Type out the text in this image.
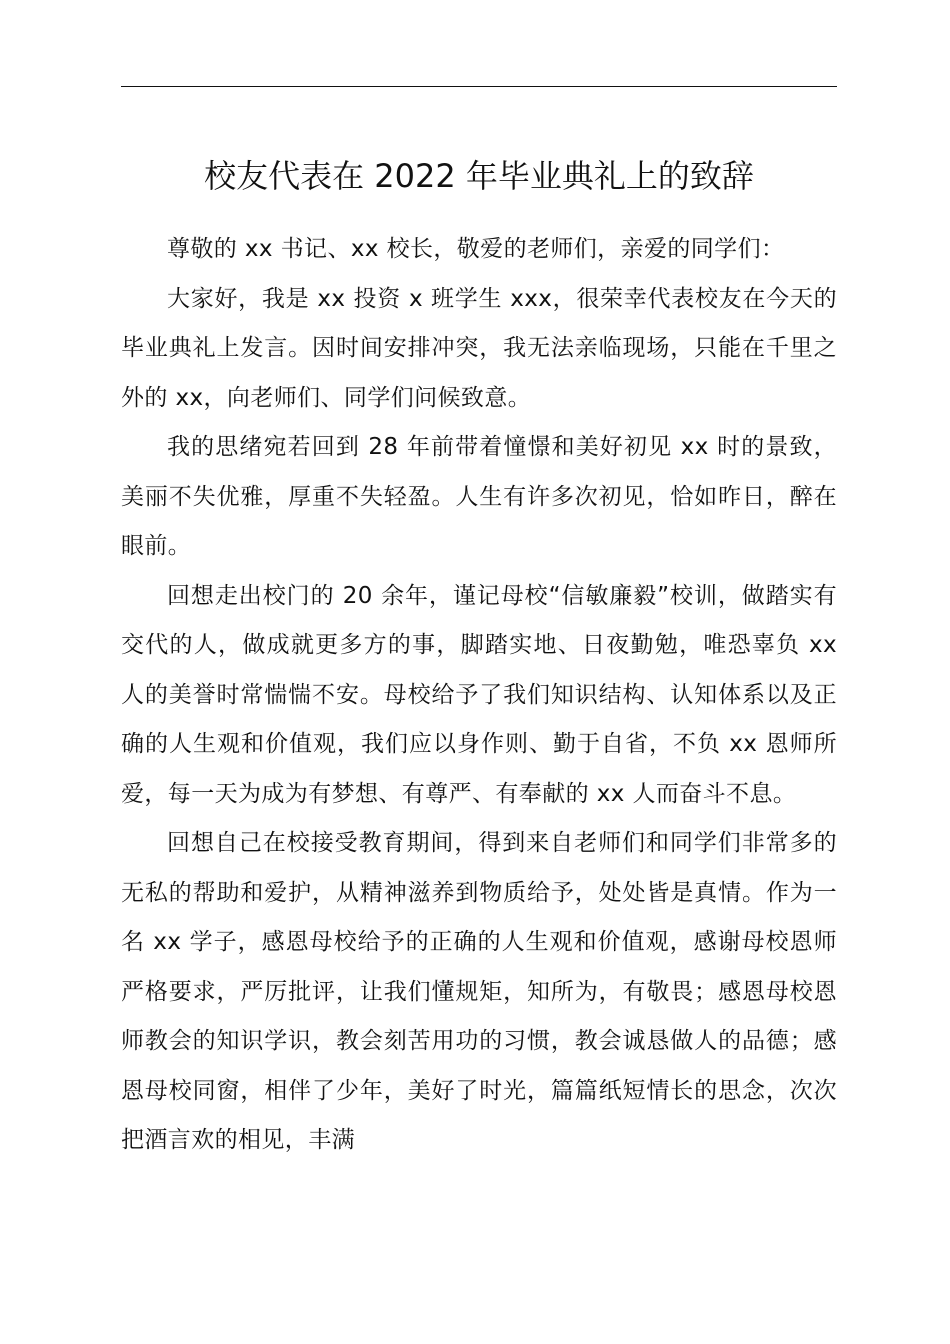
校友代表在 2022 年毕业典礼上的致辞

尊敬的 xx 书记、xx 校长，敬爱的老师们，亲爱的同学们：

大家好，我是 xx 投资 x 班学生 xxx，很荣幸代表校友在今天的毕业典礼上发言。因时间安排冲突，我无法亲临现场，只能在千里之外的 xx，向老师们、同学们问候致意。

我的思绪宛若回到 28 年前带着憧憬和美好初见 xx 时的景致，美丽不失优雅，厚重不失轻盈。人生有许多次初见，恰如昨日，醉在眼前。

回想走出校门的 20 余年，谨记母校“信敏廉毅”校训，做踏实有交代的人，做成就更多方的事，脚踏实地、日夜勤勉，唯恐辜负 xx 人的美誉时常惴惴不安。母校给予了我们知识结构、认知体系以及正确的人生观和价值观，我们应以身作则、勤于自省，不负 xx 恩师所爱，每一天为成为有梦想、有尊严、有奉献的 xx 人而奋斗不息。

回想自己在校接受教育期间，得到来自老师们和同学们非常多的无私的帮助和爱护，从精神滋养到物质给予，处处皆是真情。作为一名 xx 学子，感恩母校给予的正确的人生观和价值观，感谢母校恩师严格要求，严厉批评，让我们懂规矩，知所为，有敬畏；感恩母校恩师教会的知识学识，教会刻苦用功的习惯，教会诚恳做人的品德；感恩母校同窗，相伴了少年，美好了时光，篇篇纸短情长的思念，次次把酒言欢的相见，丰满
